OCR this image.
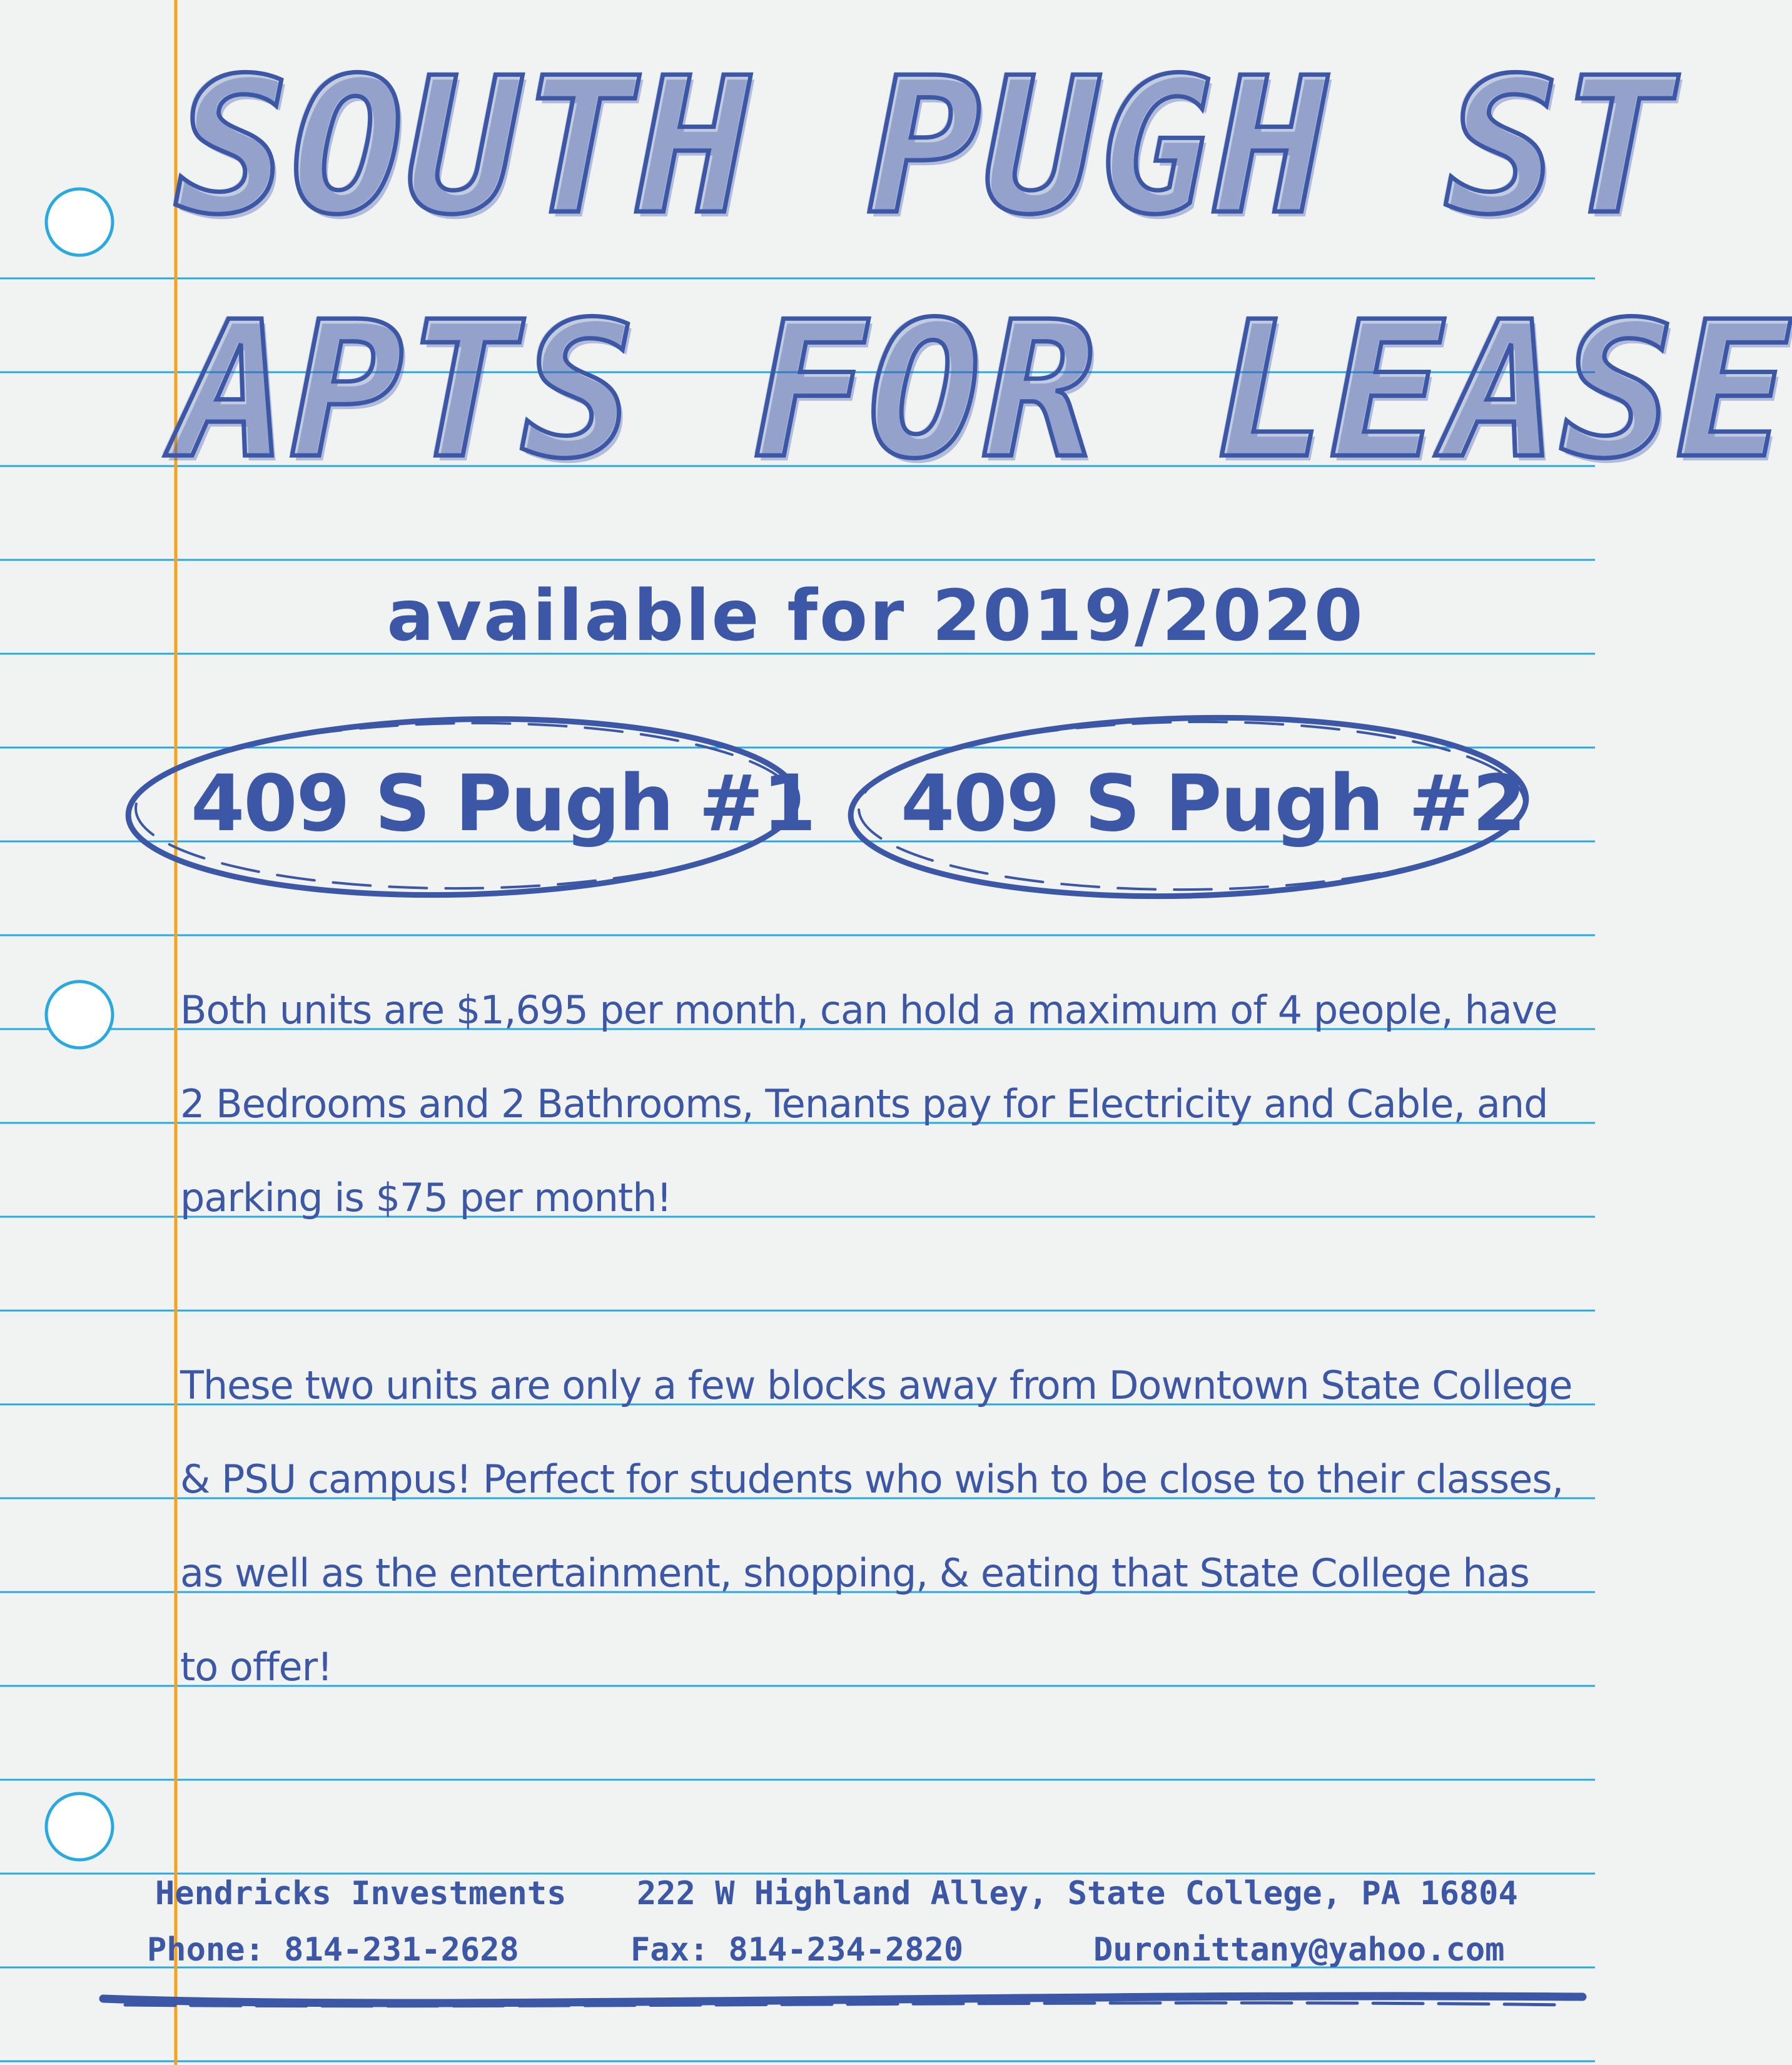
SOUTH PUGH ST
APTS FOR LEASE
available for 2019/2020
409 S Pugh #1 409 S Pugh #2
Both units are $1,695 per month, can hold a maximum of 4 people, have 2 Bedrooms and 2 Bathrooms, Tenants pay for Electricity and Cable, and parking is $75 per month!
These two units are only a few blocks away from Downtown State College & PSU campus! Perfect for students who wish to be close to their classes, as well as the entertainment, shopping, & eating that State College has to offer!
Hendricks Investments 222 W Highland Alley, State College, PA 16804
Phone: 814-231-2628	Fax: 814-234-2820	Duronittany@yahoo.com
